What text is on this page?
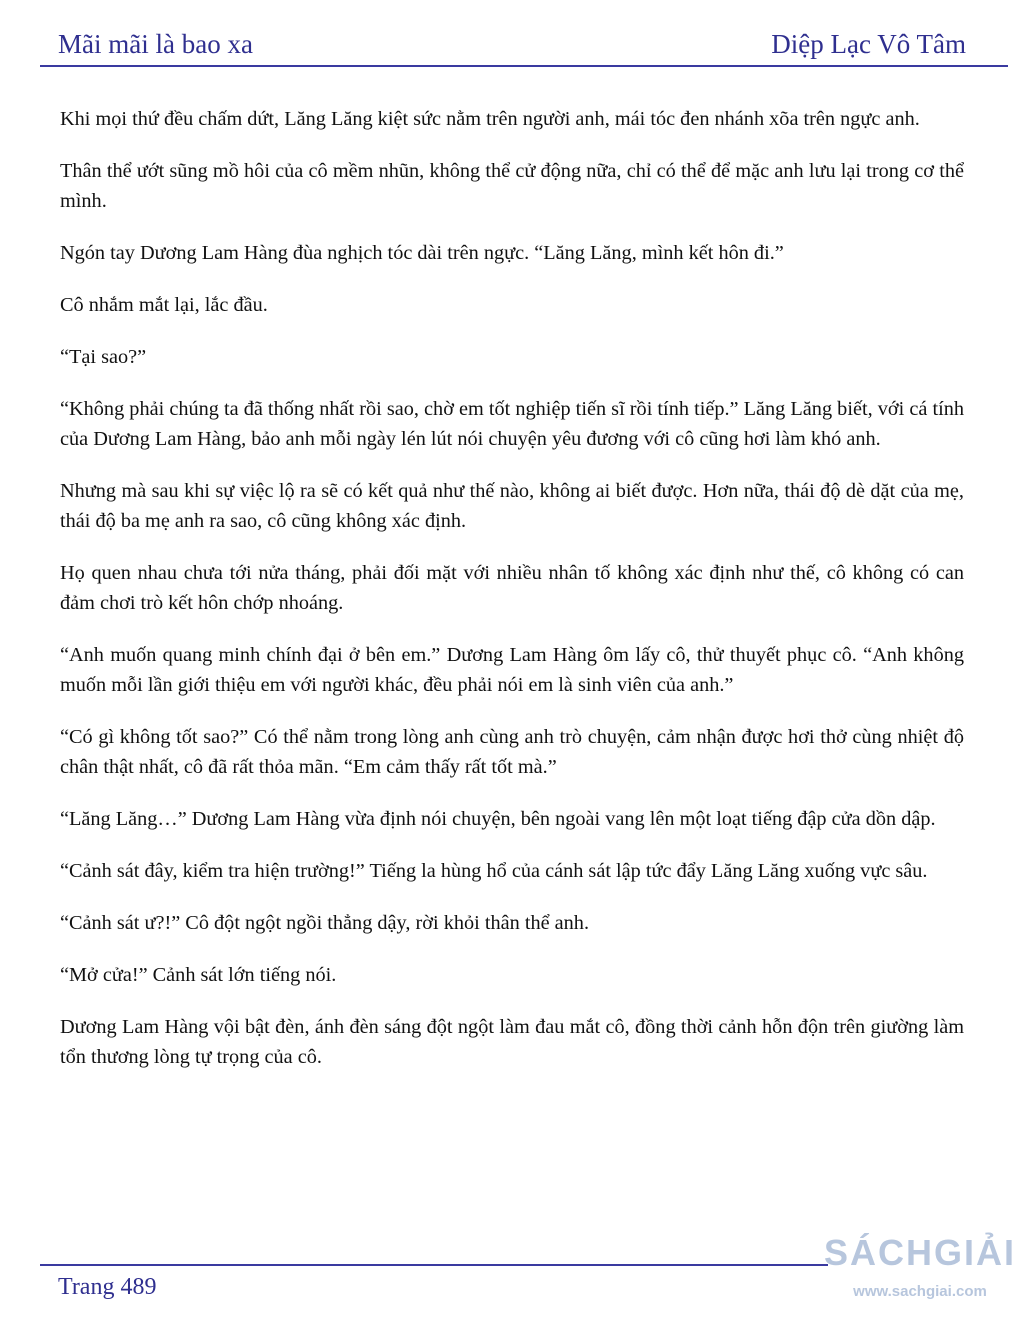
Mãi mãi là bao xa	Diệp Lạc Vô Tâm

Khi mọi thứ đều chấm dứt, Lăng Lăng kiệt sức nằm trên người anh, mái tóc đen nhánh xõa trên ngực anh.

Thân thể ướt sũng mồ hôi của cô mềm nhũn, không thể cử động nữa, chỉ có thể để mặc anh lưu lại trong cơ thể mình.

Ngón tay Dương Lam Hàng đùa nghịch tóc dài trên ngực. “Lăng Lăng, mình kết hôn đi.”

Cô nhắm mắt lại, lắc đầu.

“Tại sao?”

“Không phải chúng ta đã thống nhất rồi sao, chờ em tốt nghiệp tiến sĩ rồi tính tiếp.” Lăng Lăng biết, với cá tính của Dương Lam Hàng, bảo anh mỗi ngày lén lút nói chuyện yêu đương với cô cũng hơi làm khó anh.

Nhưng mà sau khi sự việc lộ ra sẽ có kết quả như thế nào, không ai biết được. Hơn nữa, thái độ dè dặt của mẹ, thái độ ba mẹ anh ra sao, cô cũng không xác định.

Họ quen nhau chưa tới nửa tháng, phải đối mặt với nhiều nhân tố không xác định như thế, cô không có can đảm chơi trò kết hôn chớp nhoáng.

“Anh muốn quang minh chính đại ở bên em.” Dương Lam Hàng ôm lấy cô, thử thuyết phục cô. “Anh không muốn mỗi lần giới thiệu em với người khác, đều phải nói em là sinh viên của anh.”

“Có gì không tốt sao?” Có thể nằm trong lòng anh cùng anh trò chuyện, cảm nhận được hơi thở cùng nhiệt độ chân thật nhất, cô đã rất thỏa mãn. “Em cảm thấy rất tốt mà.”

“Lăng Lăng…” Dương Lam Hàng vừa định nói chuyện, bên ngoài vang lên một loạt tiếng đập cửa dồn dập.

“Cảnh sát đây, kiểm tra hiện trường!” Tiếng la hùng hổ của cánh sát lập tức đẩy Lăng Lăng xuống vực sâu.

“Cảnh sát ư?!” Cô đột ngột ngồi thẳng dậy, rời khỏi thân thể anh.

“Mở cửa!” Cảnh sát lớn tiếng nói.

Dương Lam Hàng vội bật đèn, ánh đèn sáng đột ngột làm đau mắt cô, đồng thời cảnh hỗn độn trên giường làm tổn thương lòng tự trọng của cô.

Trang 489
SÁCHGIẢI
www.sachgiai.com
